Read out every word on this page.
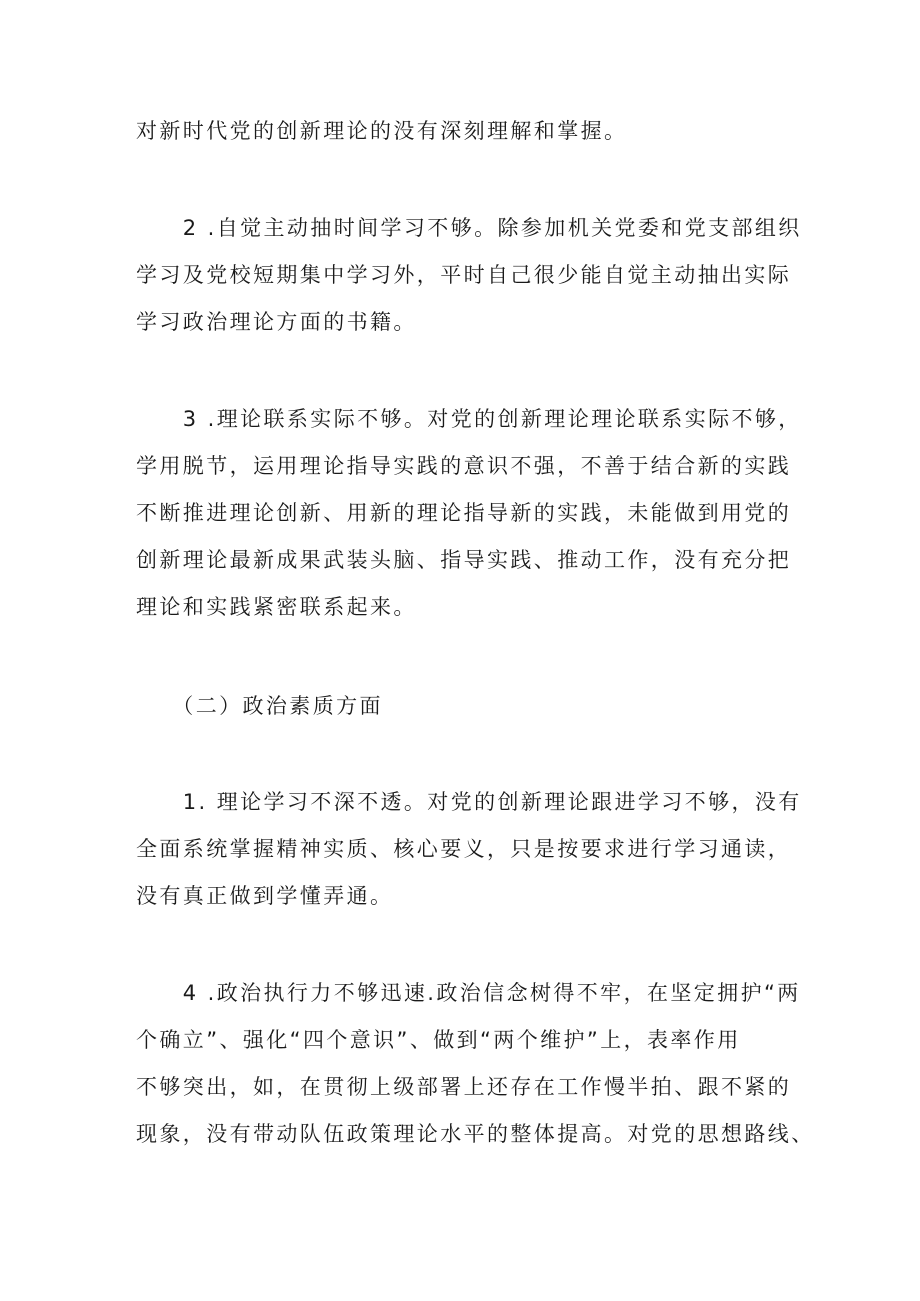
对新时代党的创新理论的没有深刻理解和掌握。

　　2 .自觉主动抽时间学习不够。除参加机关党委和党支部组织
学习及党校短期集中学习外，平时自己很少能自觉主动抽出实际
学习政治理论方面的书籍。

　　3 .理论联系实际不够。对党的创新理论理论联系实际不够，
学用脱节，运用理论指导实践的意识不强，不善于结合新的实践
不断推进理论创新、用新的理论指导新的实践，未能做到用党的
创新理论最新成果武装头脑、指导实践、推动工作，没有充分把
理论和实践紧密联系起来。

　　（二）政治素质方面

　　1. 理论学习不深不透。对党的创新理论跟进学习不够，没有
全面系统掌握精神实质、核心要义，只是按要求进行学习通读，
没有真正做到学懂弄通。

　　4 .政治执行力不够迅速.政治信念树得不牢，在坚定拥护“两
个确立”、强化“四个意识”、做到“两个维护”上，表率作用
不够突出，如，在贯彻上级部署上还存在工作慢半拍、跟不紧的
现象，没有带动队伍政策理论水平的整体提高。对党的思想路线、
